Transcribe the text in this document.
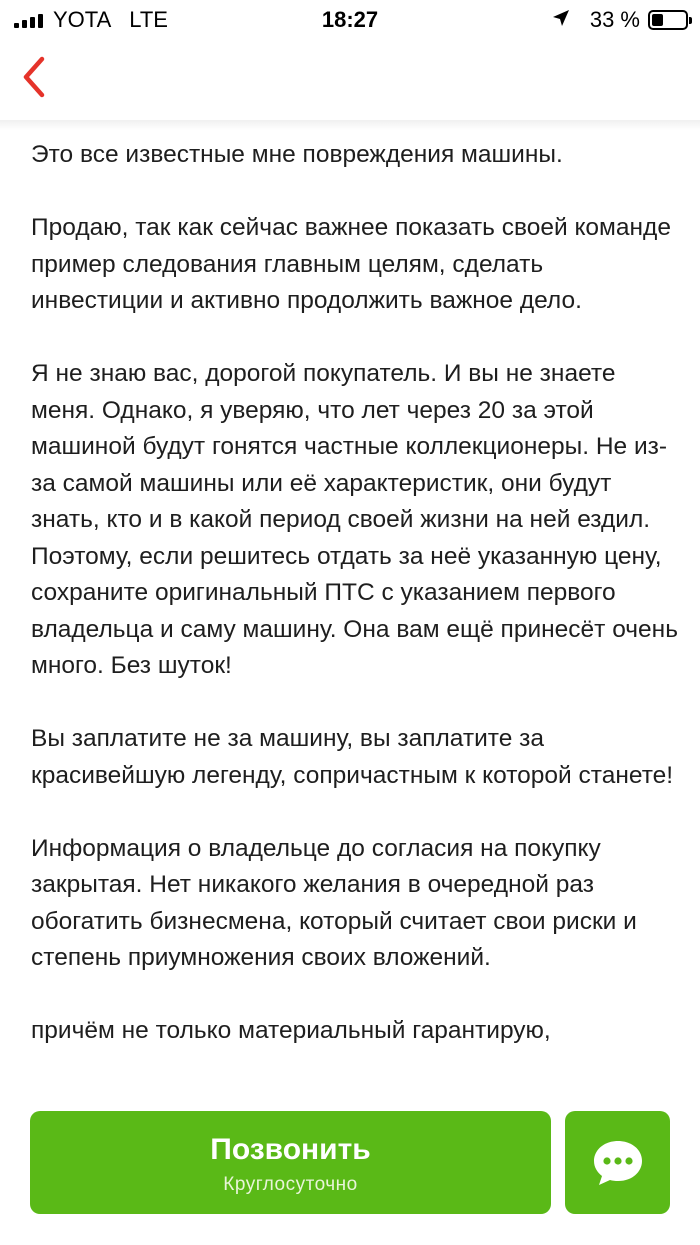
YOTA LTE	18:27	33 %

Это все известные мне повреждения машины.

Продаю, так как сейчас важнее показать своей команде пример следования главным целям, сделать инвестиции и активно продолжить важное дело.

Я не знаю вас, дорогой покупатель. И вы не знаете меня. Однако, я уверяю, что лет через 20 за этой машиной будут гонятся частные коллекционеры. Не из-за самой машины или её характеристик, они будут знать, кто и в какой период своей жизни на ней ездил. Поэтому, если решитесь отдать за неё указанную цену, сохраните оригинальный ПТС с указанием первого владельца и саму машину. Она вам ещё принесёт очень много. Без шуток!

Вы заплатите не за машину, вы заплатите за красивейшую легенду, сопричастным к которой станете!

Информация о владельце до согласия на покупку закрытая. Нет никакого желания в очередной раз обогатить бизнесмена, который считает свои риски и степень приумножения своих вложений.

причём не только материальный гарантирую,

Позвонить
Круглосуточно
